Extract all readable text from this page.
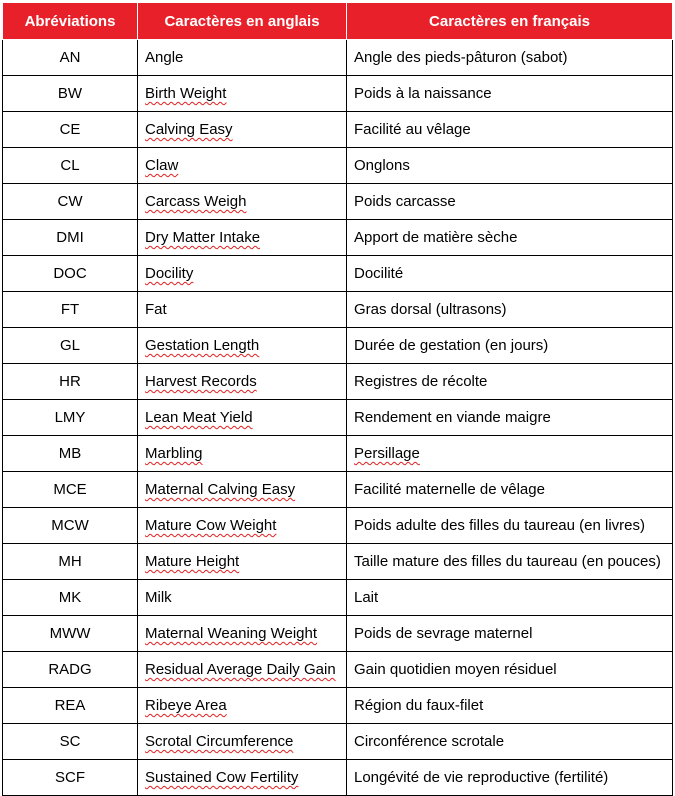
Abréviations	Caractères en anglais	Caractères en français
AN	Angle	Angle des pieds-pâturon (sabot)
BW	Birth Weight	Poids à la naissance
CE	Calving Easy	Facilité au vêlage
CL	Claw	Onglons
CW	Carcass Weigh	Poids carcasse
DMI	Dry Matter Intake	Apport de matière sèche
DOC	Docility	Docilité
FT	Fat	Gras dorsal (ultrasons)
GL	Gestation Length	Durée de gestation (en jours)
HR	Harvest Records	Registres de récolte
LMY	Lean Meat Yield	Rendement en viande maigre
MB	Marbling	Persillage
MCE	Maternal Calving Easy	Facilité maternelle de vêlage
MCW	Mature Cow Weight	Poids adulte des filles du taureau (en livres)
MH	Mature Height	Taille mature des filles du taureau (en pouces)
MK	Milk	Lait
MWW	Maternal Weaning Weight	Poids de sevrage maternel
RADG	Residual Average Daily Gain	Gain quotidien moyen résiduel
REA	Ribeye Area	Région du faux-filet
SC	Scrotal Circumference	Circonférence scrotale
SCF	Sustained Cow Fertility	Longévité de vie reproductive (fertilité)
